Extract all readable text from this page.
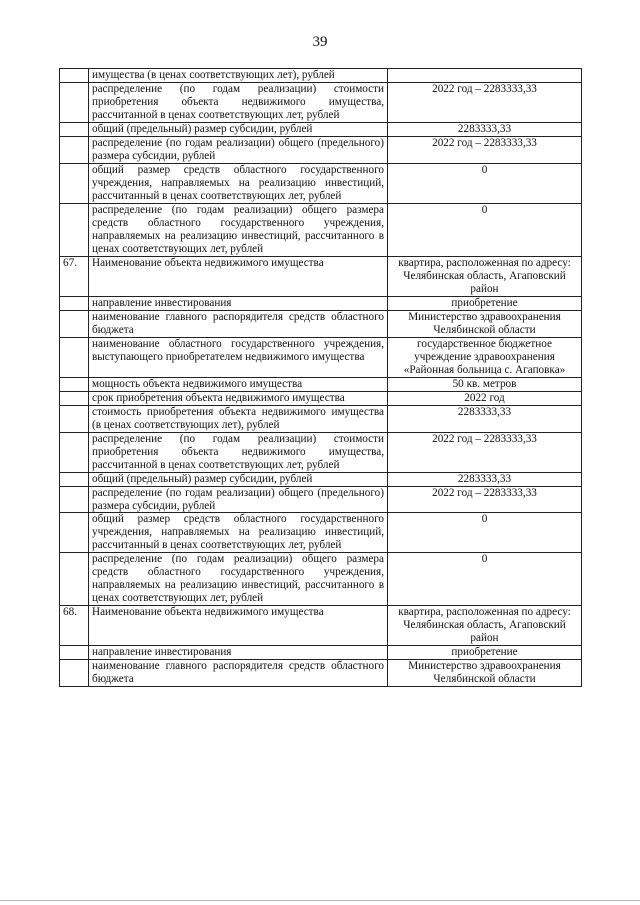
39
	имущества (в ценах соответствующих лет), рублей	

	распределение (по годам реализации) стоимости приобретения объекта недвижимого имущества, рассчитанной в ценах соответствующих лет, рублей	2022 год – 2283333,33

	общий (предельный) размер субсидии, рублей	2283333,33

	распределение (по годам реализации) общего (предельного) размера субсидии, рублей	2022 год – 2283333,33

	общий размер средств областного государственного учреждения, направляемых на реализацию инвестиций, рассчитанный в ценах соответствующих лет, рублей	0

	распределение (по годам реализации) общего размера средств областного государственного учреждения, направляемых на реализацию инвестиций, рассчитанного в ценах соответствующих лет, рублей	0

67.	Наименование объекта недвижимого имущества	квартира, расположенная по адресу: Челябинская область, Агаповский район

	направление инвестирования	приобретение

	наименование главного распорядителя средств областного бюджета	Министерство здравоохранения Челябинской области

	наименование областного государственного учреждения, выступающего приобретателем недвижимого имущества	государственное бюджетное учреждение здравоохранения «Районная больница с. Агаповка»

	мощность объекта недвижимого имущества	50 кв. метров

	срок приобретения объекта недвижимого имущества	2022 год

	стоимость приобретения объекта недвижимого имущества (в ценах соответствующих лет), рублей	2283333,33

	распределение (по годам реализации) стоимости приобретения объекта недвижимого имущества, рассчитанной в ценах соответствующих лет, рублей	2022 год – 2283333,33

	общий (предельный) размер субсидии, рублей	2283333,33

	распределение (по годам реализации) общего (предельного) размера субсидии, рублей	2022 год – 2283333,33

	общий размер средств областного государственного учреждения, направляемых на реализацию инвестиций, рассчитанный в ценах соответствующих лет, рублей	0

	распределение (по годам реализации) общего размера средств областного государственного учреждения, направляемых на реализацию инвестиций, рассчитанного в ценах соответствующих лет, рублей	0

68.	Наименование объекта недвижимого имущества	квартира, расположенная по адресу: Челябинская область, Агаповский район

	направление инвестирования	приобретение

	наименование главного распорядителя средств областного бюджета	Министерство здравоохранения Челябинской области
